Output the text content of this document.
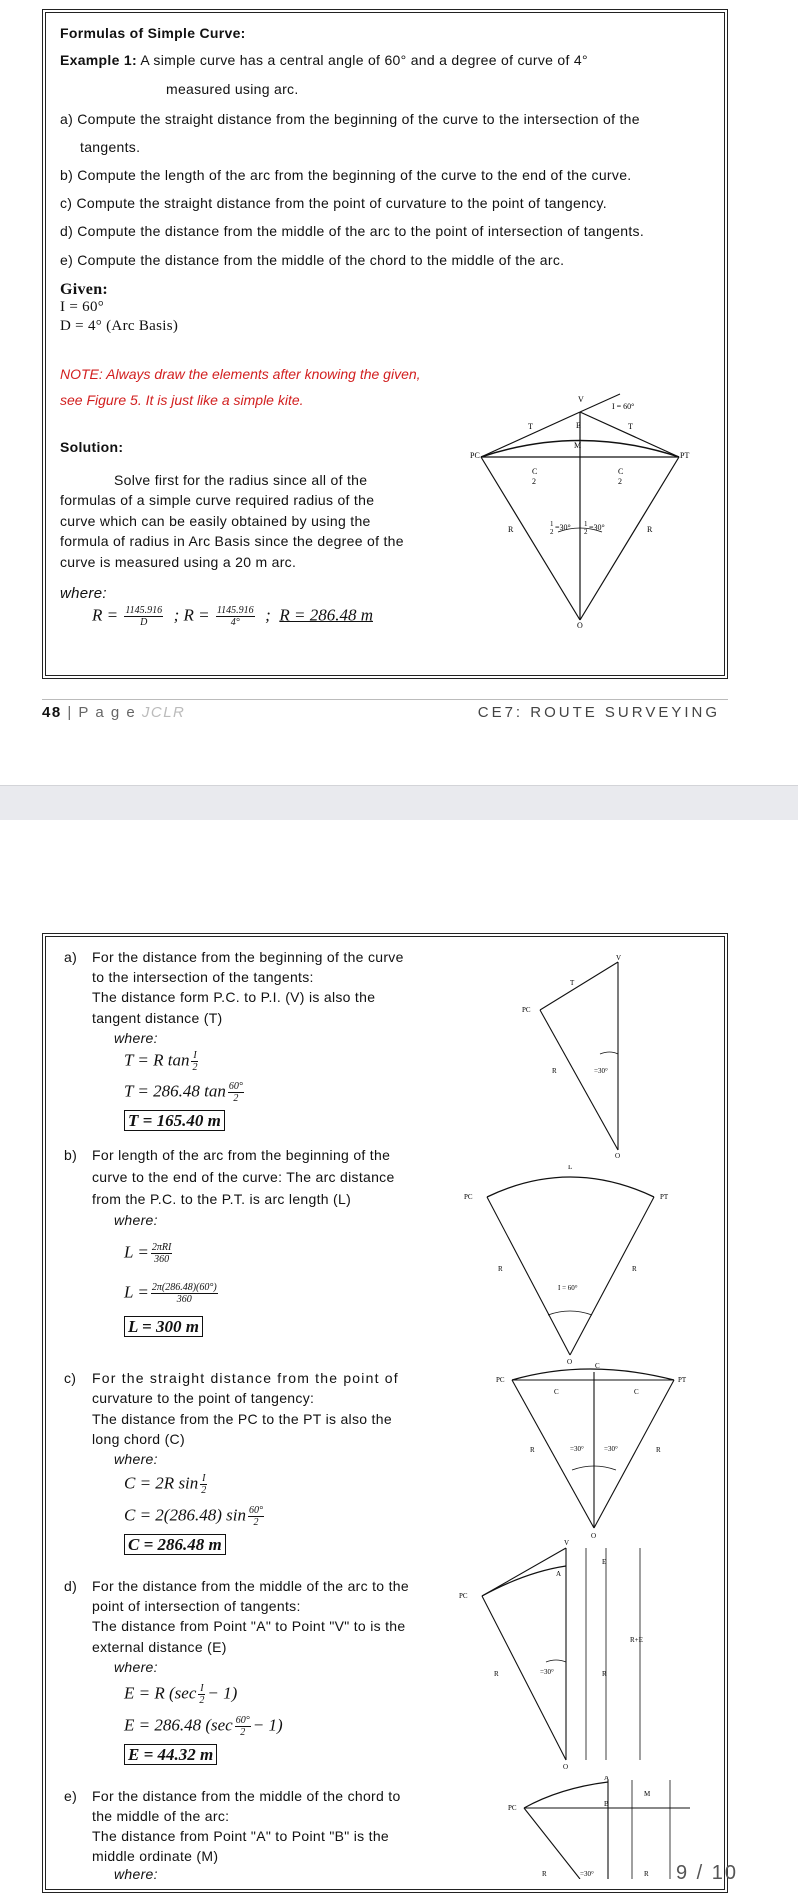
Formulas of Simple Curve:
Example 1: A simple curve has a central angle of 60° and a degree of curve of 4°
measured using arc.
a) Compute the straight distance from the beginning of the curve to the intersection of the
tangents.
b) Compute the length of the arc from the beginning of the curve to the end of the curve.
c) Compute the straight distance from the point of curvature to the point of tangency.
d) Compute the distance from the middle of the arc to the point of intersection of tangents.
e) Compute the distance from the middle of the chord to the middle of the arc.
Given:
I = 60°
D = 4° (Arc Basis)
NOTE: Always draw the elements after knowing the given,
see Figure 5. It is just like a simple kite.
Solution:
Solve first for the radius since all of the
formulas of a simple curve required radius of the
curve which can be easily obtained by using the
formula of radius in Arc Basis since the degree of the
curve is measured using a 20 m arc.
where:
$R = \frac{1145.916}{D}$ ; $R = \frac{1145.916}{4^\circ}$ ; R = 286.48 m
V
I = 60°
T	T
E
M
PC	PT
C
2
C
2
R	R
1
2 =30° 1
2 =30°
O
48 | P a g e JCLR	CE7: ROUTE SURVEYING
a) For the distance from the beginning of the curve
to the intersection of the tangents:
The distance form P.C. to P.I. (V) is also the
tangent distance (T)
where:
T = R $\tan \frac{I}{2}$
T = 286.48 $\tan \frac{60^\circ}{2}$
T = 165.40 m
b) For length of the arc from the beginning of the
curve to the end of the curve: The arc distance
from the P.C. to the P.T. is arc length (L)
where:
$L = \frac{\text{2πRI}}{360}$
$L = \frac{2\pi(286.48)(60^\circ)}{360}$
L = 300 m
c) For the straight distance from the point of
curvature to the point of tangency:
The distance from the PC to the PT is also the
long chord (C)
where:
C = 2R $\sin \frac{I}{2}$
C = 2(286.48) $\sin \frac{60^\circ}{2}$
C = 286.48 m
d) For the distance from the middle of the arc to the
point of intersection of tangents:
The distance from Point "A" to Point "V" to is the
external distance (E)
where:
E = R $(\sec \frac{I}{2} - 1)$
E = 286.48 $(\sec \frac{60^\circ}{2} - 1)$
E = 44.32 m
e) For the distance from the middle of the chord to
the middle of the arc:
The distance from Point "A" to Point "B" is the
middle ordinate (M)
where:
V
T
PC
R	=30°
O
L
PC	PT
R	R
I = 60°
O	C
PC	PT
C	C
R	R
=30°	=30°
O
V
A
E
PC
R	R
R+E
=30°
O
A
B
M
PC
R	=30°	R 9 / 10
